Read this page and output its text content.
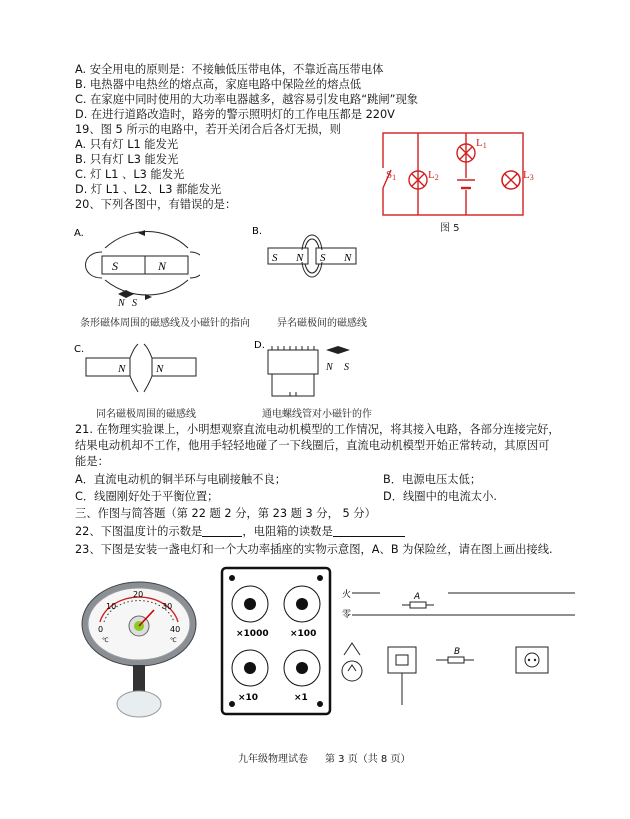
A. 安全用电的原则是：不接触低压带电体，不靠近高压带电体
B. 电热器中电热丝的熔点高，家庭电路中保险丝的熔点低
C. 在家庭中同时使用的大功率电器越多，越容易引发电路“跳闸”现象
D. 在进行道路改造时，路旁的警示照明灯的工作电压都是 220V
19、图 5 所示的电路中，若开关闭合后各灯无损，则
A. 只有灯 L1 能发光
B. 只有灯 L3 能发光
C. 灯 L1 、L3 能发光
D. 灯 L1 、L2、L3 都能发光
S1	L2
L1
L3
图 5
20、下列各图中，有错误的是：
A.
S	N
N S
条形磁体周围的磁感线及小磁针的指向
B.
S N S N
异名磁极间的磁感线
C.
N	N
同名磁极周围的磁感线
D.
N S
通电螺线管对小磁针的作
21. 在物理实验课上，小明想观察直流电动机模型的工作情况，将其接入电路，各部分连接完好，
结果电动机却不工作，他用手轻轻地碰了一下线圈后，直流电动机模型开始正常转动，其原因可
能是：
A．直流电动机的铜半环与电刷接触不良；	B．电源电压太低；
C．线圈刚好处于平衡位置；	D．线圈中的电流太小.
三、作图与简答题（第 22 题 2 分，第 23 题 3 分， 5 分）
22、下图温度计的示数是	，电阻箱的读数是
23、下图是安装一盏电灯和一个大功率插座的实物示意图，A、B 为保险丝，请在图上画出接线.
20
10
0
30
40
℃	℃
×1000 ×100
×10	×1
火
零
A
B
九年级物理试卷 第 3 页（共 8 页）
